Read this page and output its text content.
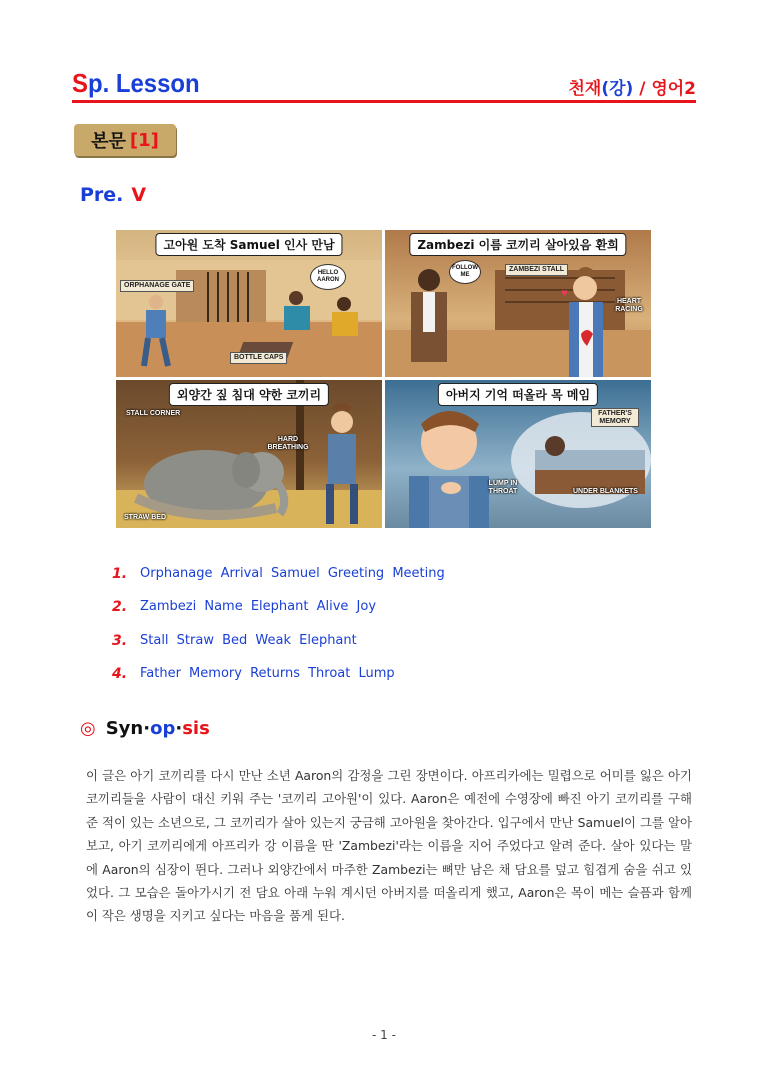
Sp. Lesson	천재(강) / 영어2
본문 [1]
Pre. V
고아원 도착 Samuel 인사 만남
ORPHANAGE GATE
BOTTLE CAPS
HELLO AARON
♥
Zambezi 이름 코끼리 살아있음 환희
ZAMBEZI STALL
HEART RACING
FOLLOW ME
외양간 짚 침대 약한 코끼리
STALL CORNER
HARD BREATHING
STRAW BED
아버지 기억 떠올라 목 메임
FATHER'S MEMORY
LUMP IN THROAT	UNDER BLANKETS
1. Orphanage Arrival Samuel Greeting Meeting
2. Zambezi Name Elephant Alive Joy
3. Stall Straw Bed Weak Elephant
4. Father Memory Returns Throat Lump
◎ Syn·op·sis
이 글은 아기 코끼리를 다시 만난 소년 Aaron의 감정을 그린 장면이다. 아프리카에는 밀렵으로 어미를 잃은 아기 코끼리들을 사람이 대신 키워 주는 '코끼리 고아원'이 있다. Aaron은 예전에 수영장에 빠진 아기 코끼리를 구해 준 적이 있는 소년으로, 그 코끼리가 살아 있는지 궁금해 고아원을 찾아간다. 입구에서 만난 Samuel이 그를 알아보고, 아기 코끼리에게 아프리카 강 이름을 딴 'Zambezi'라는 이름을 지어 주었다고 알려 준다. 살아 있다는 말에 Aaron의 심장이 뛴다. 그러나 외양간에서 마주한 Zambezi는 뼈만 남은 채 담요를 덮고 힘겹게 숨을 쉬고 있었다. 그 모습은 돌아가시기 전 담요 아래 누워 계시던 아버지를 떠올리게 했고, Aaron은 목이 메는 슬픔과 함께 이 작은 생명을 지키고 싶다는 마음을 품게 된다.
- 1 -
